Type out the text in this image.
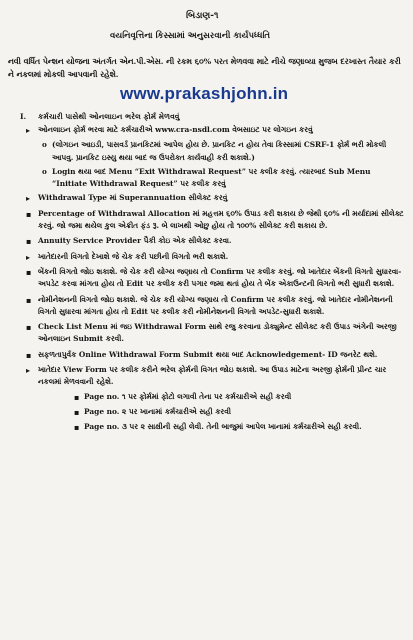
બિડાણ-૧
વયનિવૃત્તિના કિસ્સામાં અનુસરવાની કાર્યપધ્ધતિ
નવી વર્ધિત પેન્શન યોજના અંતર્ગત એન.પી.એસ. ની રકમ ૬૦% પરત મેળવવા માટે નીચે જણાવ્યા મુજબ દરખાસ્ત તૈયાર કરી ને નકલમાં મોકલી આપવાની રહેશે.
www.prakashjohn.in
I. કર્મચારી પાસેથી ઓનલાઇન ભરેલ ફોર્મ મેળવવું
▸ ઓનલાઇન ફોર્મ ભરવા માટે કર્મચારીએ www.cra-nsdl.com વેબસાઇટ પર લોગઇન કરવું
o (લોગઇન આઇડી, પાસવર્ડ પ્રાનકિટમાં આપેલ હોય છે. પ્રાનકિટ ન હોય તેવા કિસ્સામાં CSRF-1 ફોર્મ ભરી મોકલી આપવુ. પ્રાનકિટ ઇસ્યુ થયા બાદ જ ઉપરોક્ત કાર્યવાહી કરી શકાશે.)
o Login થયા બાદ Menu “Exit Withdrawal Request” પર કલીક કરવું. ત્યારબાદ Sub Menu “Initiate Withdrawal Request” પર કલીક કરવું
▸ Withdrawal Type માં Superannuation સીલેક્ટ કરવું
▪ Percentage of Withdrawal Allocation માં મહત્તમ ૬૦% ઉપાડ કરી શકાય છે જેથી ૬૦% ની મર્યાદામાં સીલેક્ટ કરવું. જો જમા થયેલ કુલ એક્રીત ફંડ રૂ. બે લાખથી ઓછુ હોય તો ૧૦૦% સીલેક્ટ કરી શકાય છે.
▪ Annuity Service Provider પૈકી કોઇ એક સીલેક્ટ કરવા.
▸ ખાતેદારની વિગતો દેખાશે જે ચેક કરી પછીની વિગતો ભરી શકાશે.
▪ બેંકની વિગતો જોઇ શકાશે. જે ચેક કરી યોગ્ય જણાય તો Confirm પર કલીક કરવું. જો ખાતેદાર બેંકની વિગતો સુધારવા-અપડેટ કરવા માંગતા હોય તો Edit પર કલીક કરી પગાર જમા થતાં હોય તે બેંક એકાઉન્ટની વિગતો ભરી સુધારી શકાશે.
▪ નોમીનેશનની વિગતો જોઇ શકાશે. જે ચેક કરી યોગ્ય જણાય તો Confirm પર કલીક કરવું. જો ખાતેદાર નોમીનેશનની વિગતો સુધારવા માંગતા હોય તો Edit પર કલીક કરી નોમીનેશનની વિગતો અપડેટ-સુધારી શકાશે.
▪ Check List Menu માં જઇ Withdrawal Form સાથે રજુ કરવાના ડોક્યુમેન્ટ સીલેક્ટ કરી ઉપાડ અંગેની અરજી ઓનલાઇન Submit કરવી.
▪ સફળતાપુર્વક Online Withdrawal Form Submit થયા બાદ Acknowledgement- ID જનરેટ થશે.
▸ ખાતેદાર View Form પર કલીક કરીને ભરેલ ફોર્મની વિગત જોઇ શકાશે. આ ઉપાડ માટેના અરજી ફોર્મની પ્રીન્ટ ચાર નકલમાં મેળવવાની રહેશે.
▪ Page no. ૧ પર ફોર્મમાં ફોટો લગાવી તેના પર કર્મચારીએ સહી કરવી
▪ Page no. ૨ પર ખાનામાં કર્મચારીએ સહી કરવી
▪ Page no. ૩ પર ૨ સાક્ષીની સહી લેવી. તેની બાજુમાં આપેલ ખાનામાં કર્મચારીએ સહી કરવી.
